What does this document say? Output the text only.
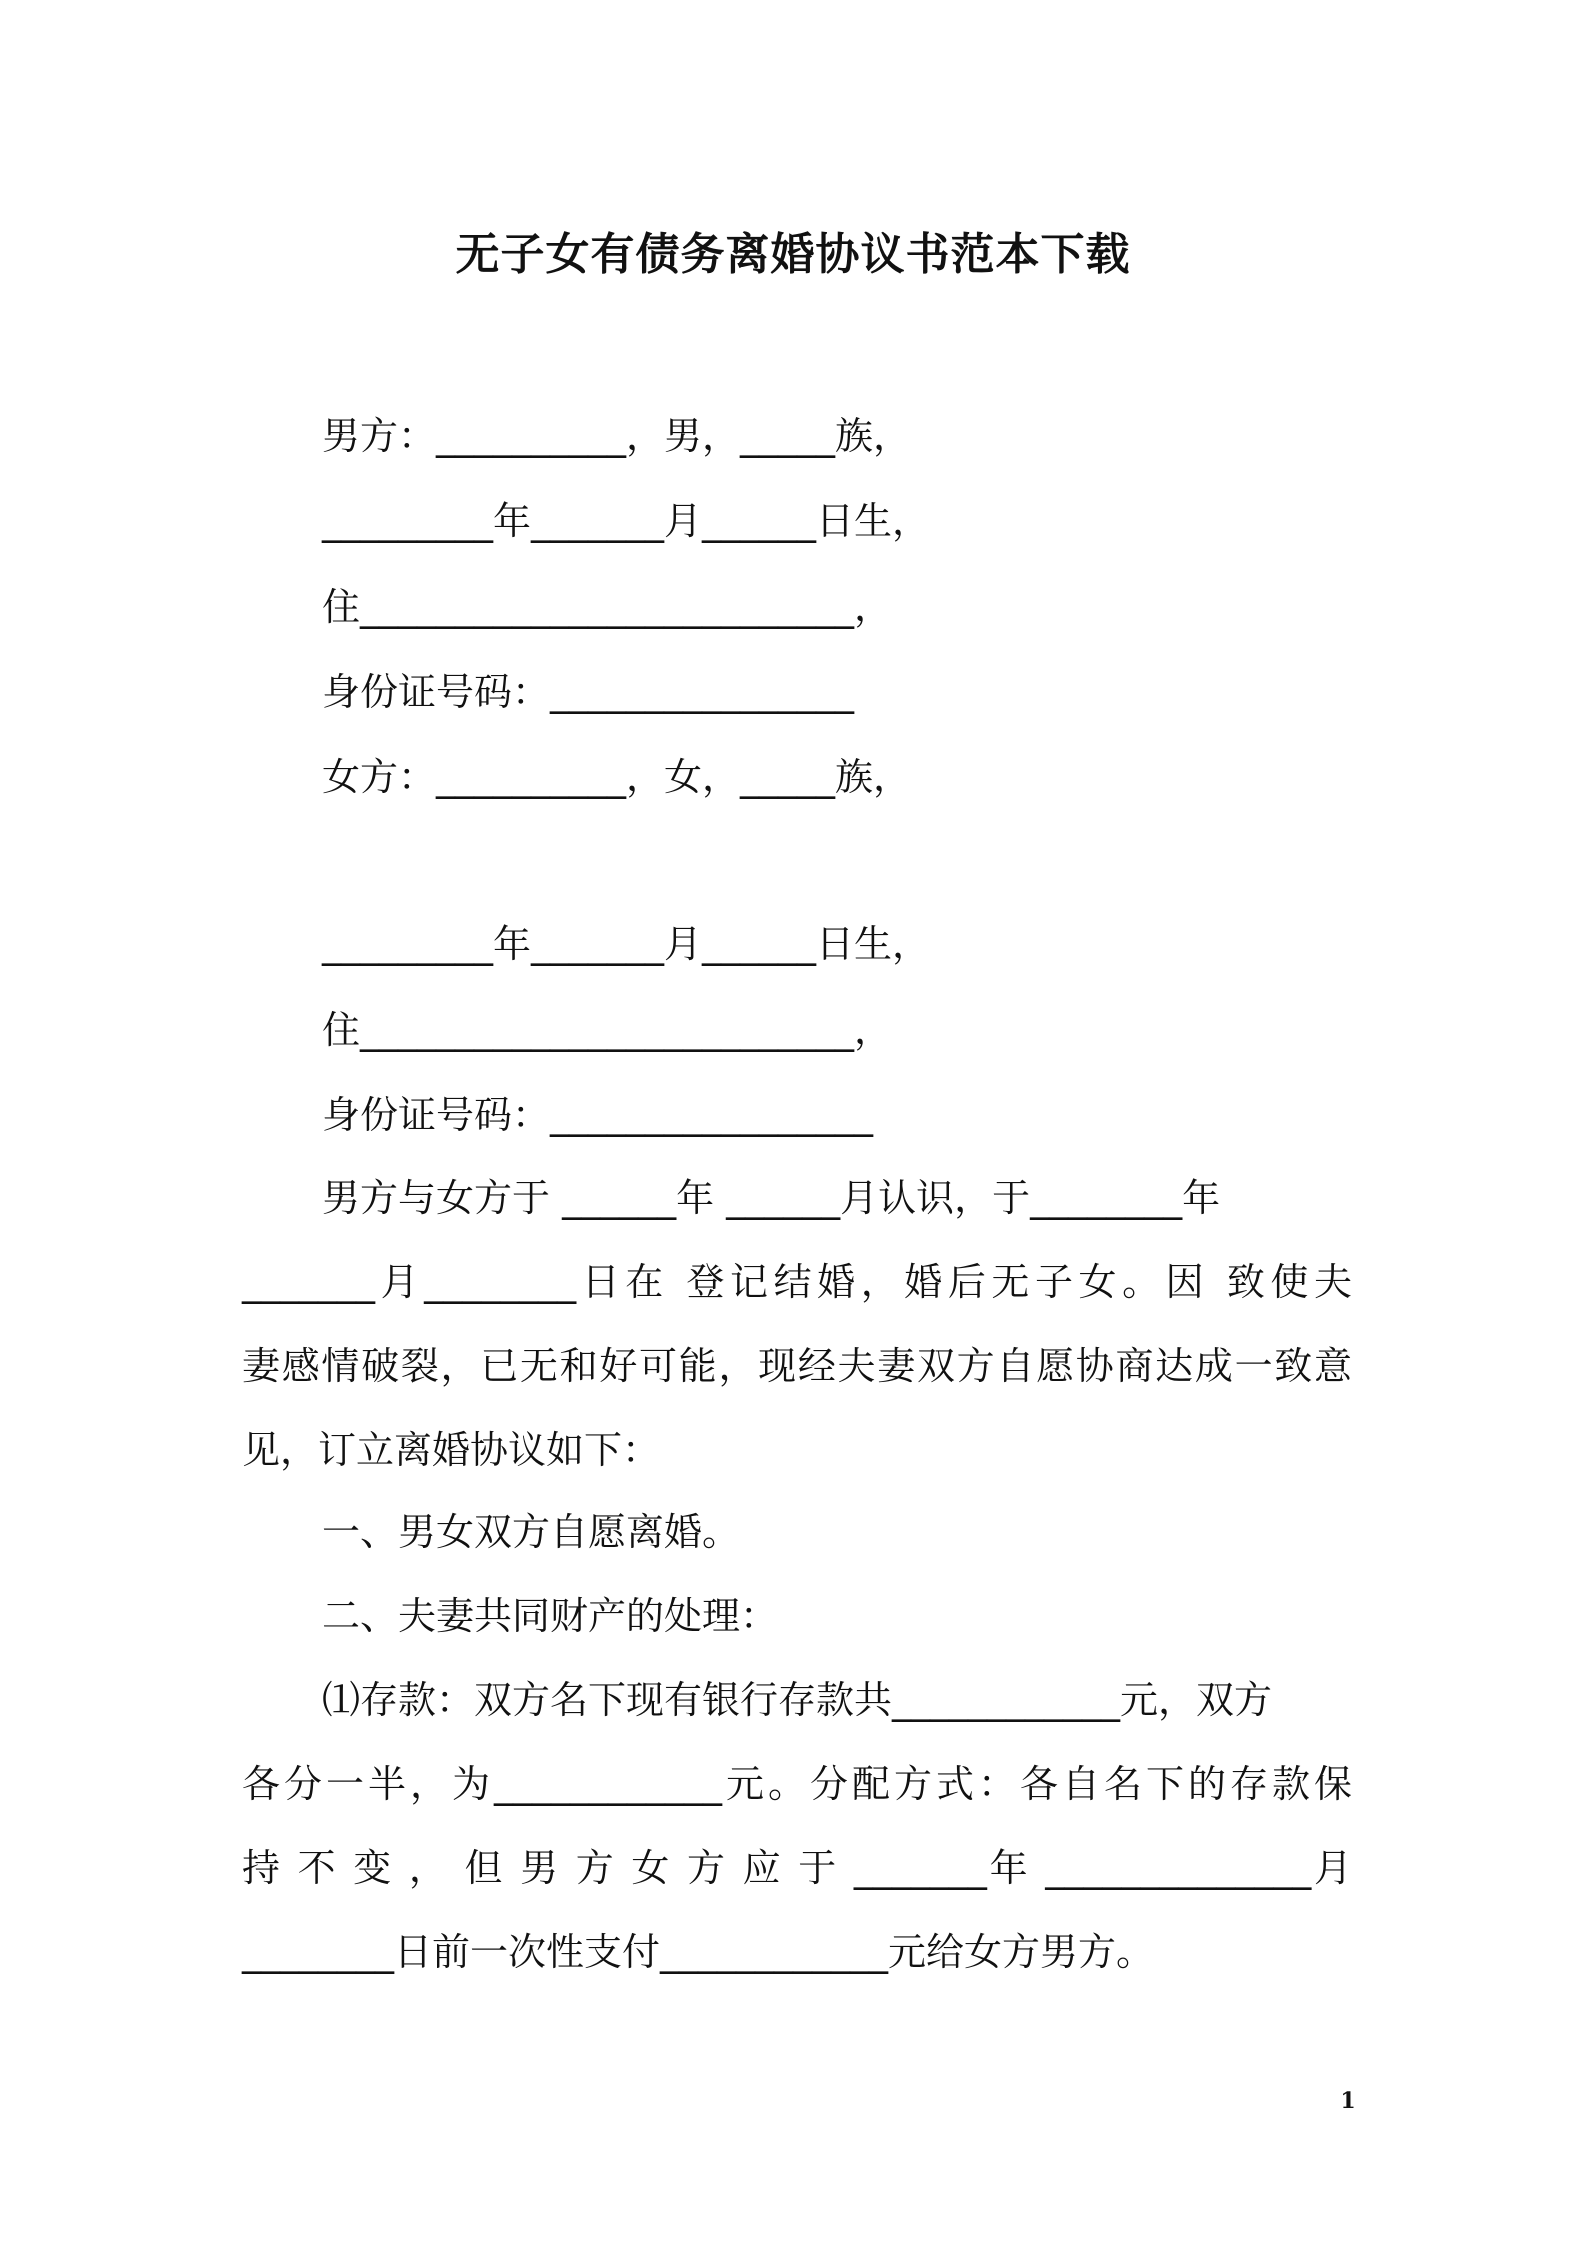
无子女有债务离婚协议书范本下载
男方：__________，男，_____族，
_________年_______月______日生，
住__________________________，
身份证号码：________________
女方：__________，女，_____族，
_________年_______月______日生，
住__________________________，
身份证号码：_________________
男方与女方于 ______年 ______月认识，于________年
_______月________日在 登记结婚，婚后无子女。因 致使夫
妻感情破裂，已无和好可能，现经夫妻双方自愿协商达成一致意
见，订立离婚协议如下：
一、男女双方自愿离婚。
二、夫妻共同财产的处理：
⑴存款：双方名下现有银行存款共____________元，双方
各分一半，为____________元。分配方式：各自名下的存款保
持 不 变 ， 但 男 方 女 方 应 于 _______年 ______________月
________日前一次性支付____________元给女方男方。
1
